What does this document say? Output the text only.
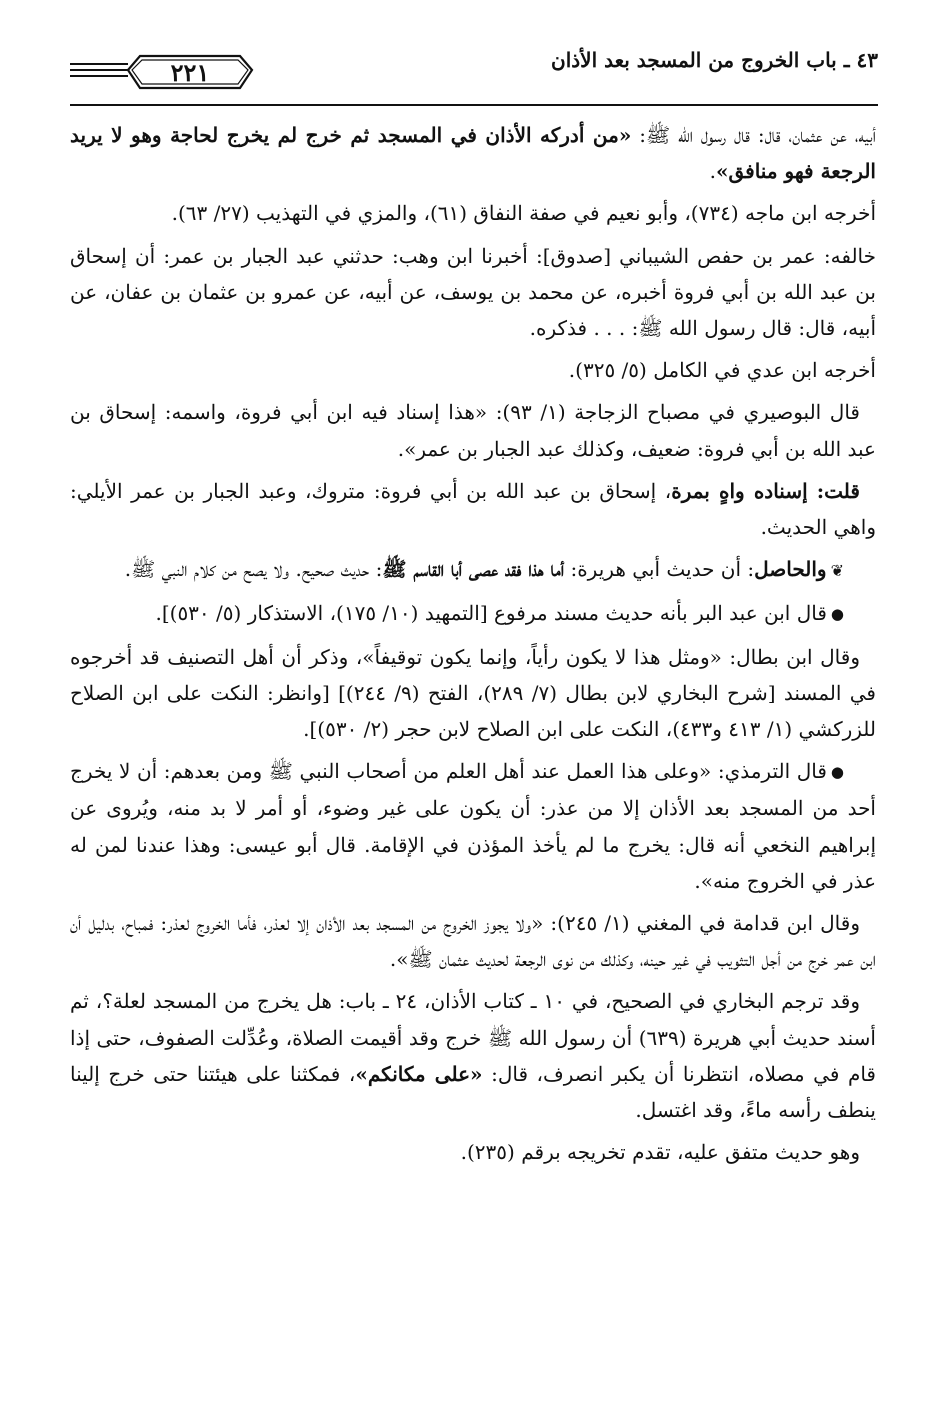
٤٣ ـ باب الخروج من المسجد بعد الأذان
٢٢١

أبيه، عن عثمان، قال: قال رسول الله ﷺ: «من أدركه الأذان في المسجد ثم خرج لم يخرج لحاجة وهو لا يريد الرجعة فهو منافق».

أخرجه ابن ماجه (٧٣٤)، وأبو نعيم في صفة النفاق (٦١)، والمزي في التهذيب (٢٧/ ٦٣).

خالفه: عمر بن حفص الشيباني [صدوق]: أخبرنا ابن وهب: حدثني عبد الجبار بن عمر: أن إسحاق بن عبد الله بن أبي فروة أخبره، عن محمد بن يوسف، عن أبيه، عن عمرو بن عثمان بن عفان، عن أبيه، قال: قال رسول الله ﷺ: . . . فذكره.

أخرجه ابن عدي في الكامل (٥/ ٣٢٥).

قال البوصيري في مصباح الزجاجة (١/ ٩٣): «هذا إسناد فيه ابن أبي فروة، واسمه: إسحاق بن عبد الله بن أبي فروة: ضعيف، وكذلك عبد الجبار بن عمر».

قلت: إسناده واهٍ بمرة، إسحاق بن عبد الله بن أبي فروة: متروك، وعبد الجبار بن عمر الأيلي: واهي الحديث.

❦والحاصل: أن حديث أبي هريرة: أما هذا فقد عصى أبا القاسم ﷺ: حديث صحيح. ولا يصح من كلام النبي ﷺ.

●قال ابن عبد البر بأنه حديث مسند مرفوع [التمهيد (١٠/ ١٧٥)، الاستذكار (٥/ ٥٣٠)].

وقال ابن بطال: «ومثل هذا لا يكون رأياً، وإنما يكون توقيفاً»، وذكر أن أهل التصنيف قد أخرجوه في المسند [شرح البخاري لابن بطال (٧/ ٢٨٩)، الفتح (٩/ ٢٤٤)] [وانظر: النكت على ابن الصلاح للزركشي (١/ ٤١٣ و٤٣٣)، النكت على ابن الصلاح لابن حجر (٢/ ٥٣٠)].

●قال الترمذي: «وعلى هذا العمل عند أهل العلم من أصحاب النبي ﷺ ومن بعدهم: أن لا يخرج أحد من المسجد بعد الأذان إلا من عذر: أن يكون على غير وضوء، أو أمر لا بد منه، ويُروى عن إبراهيم النخعي أنه قال: يخرج ما لم يأخذ المؤذن في الإقامة. قال أبو عيسى: وهذا عندنا لمن له عذر في الخروج منه».

وقال ابن قدامة في المغني (١/ ٢٤٥): «ولا يجوز الخروج من المسجد بعد الأذان إلا لعذر، فأما الخروج لعذر: فمباح، بدليل أن ابن عمر خرج من أجل التثويب في غير حينه، وكذلك من نوى الرجعة لحديث عثمان ﷺ».

وقد ترجم البخاري في الصحيح، في ١٠ ـ كتاب الأذان، ٢٤ ـ باب: هل يخرج من المسجد لعلة؟، ثم أسند حديث أبي هريرة (٦٣٩) أن رسول الله ﷺ خرج وقد أقيمت الصلاة، وعُدِّلت الصفوف، حتى إذا قام في مصلاه، انتظرنا أن يكبر انصرف، قال: «على مكانكم»، فمكثنا على هيئتنا حتى خرج إلينا ينطف رأسه ماءً، وقد اغتسل.

وهو حديث متفق عليه، تقدم تخريجه برقم (٢٣٥).
